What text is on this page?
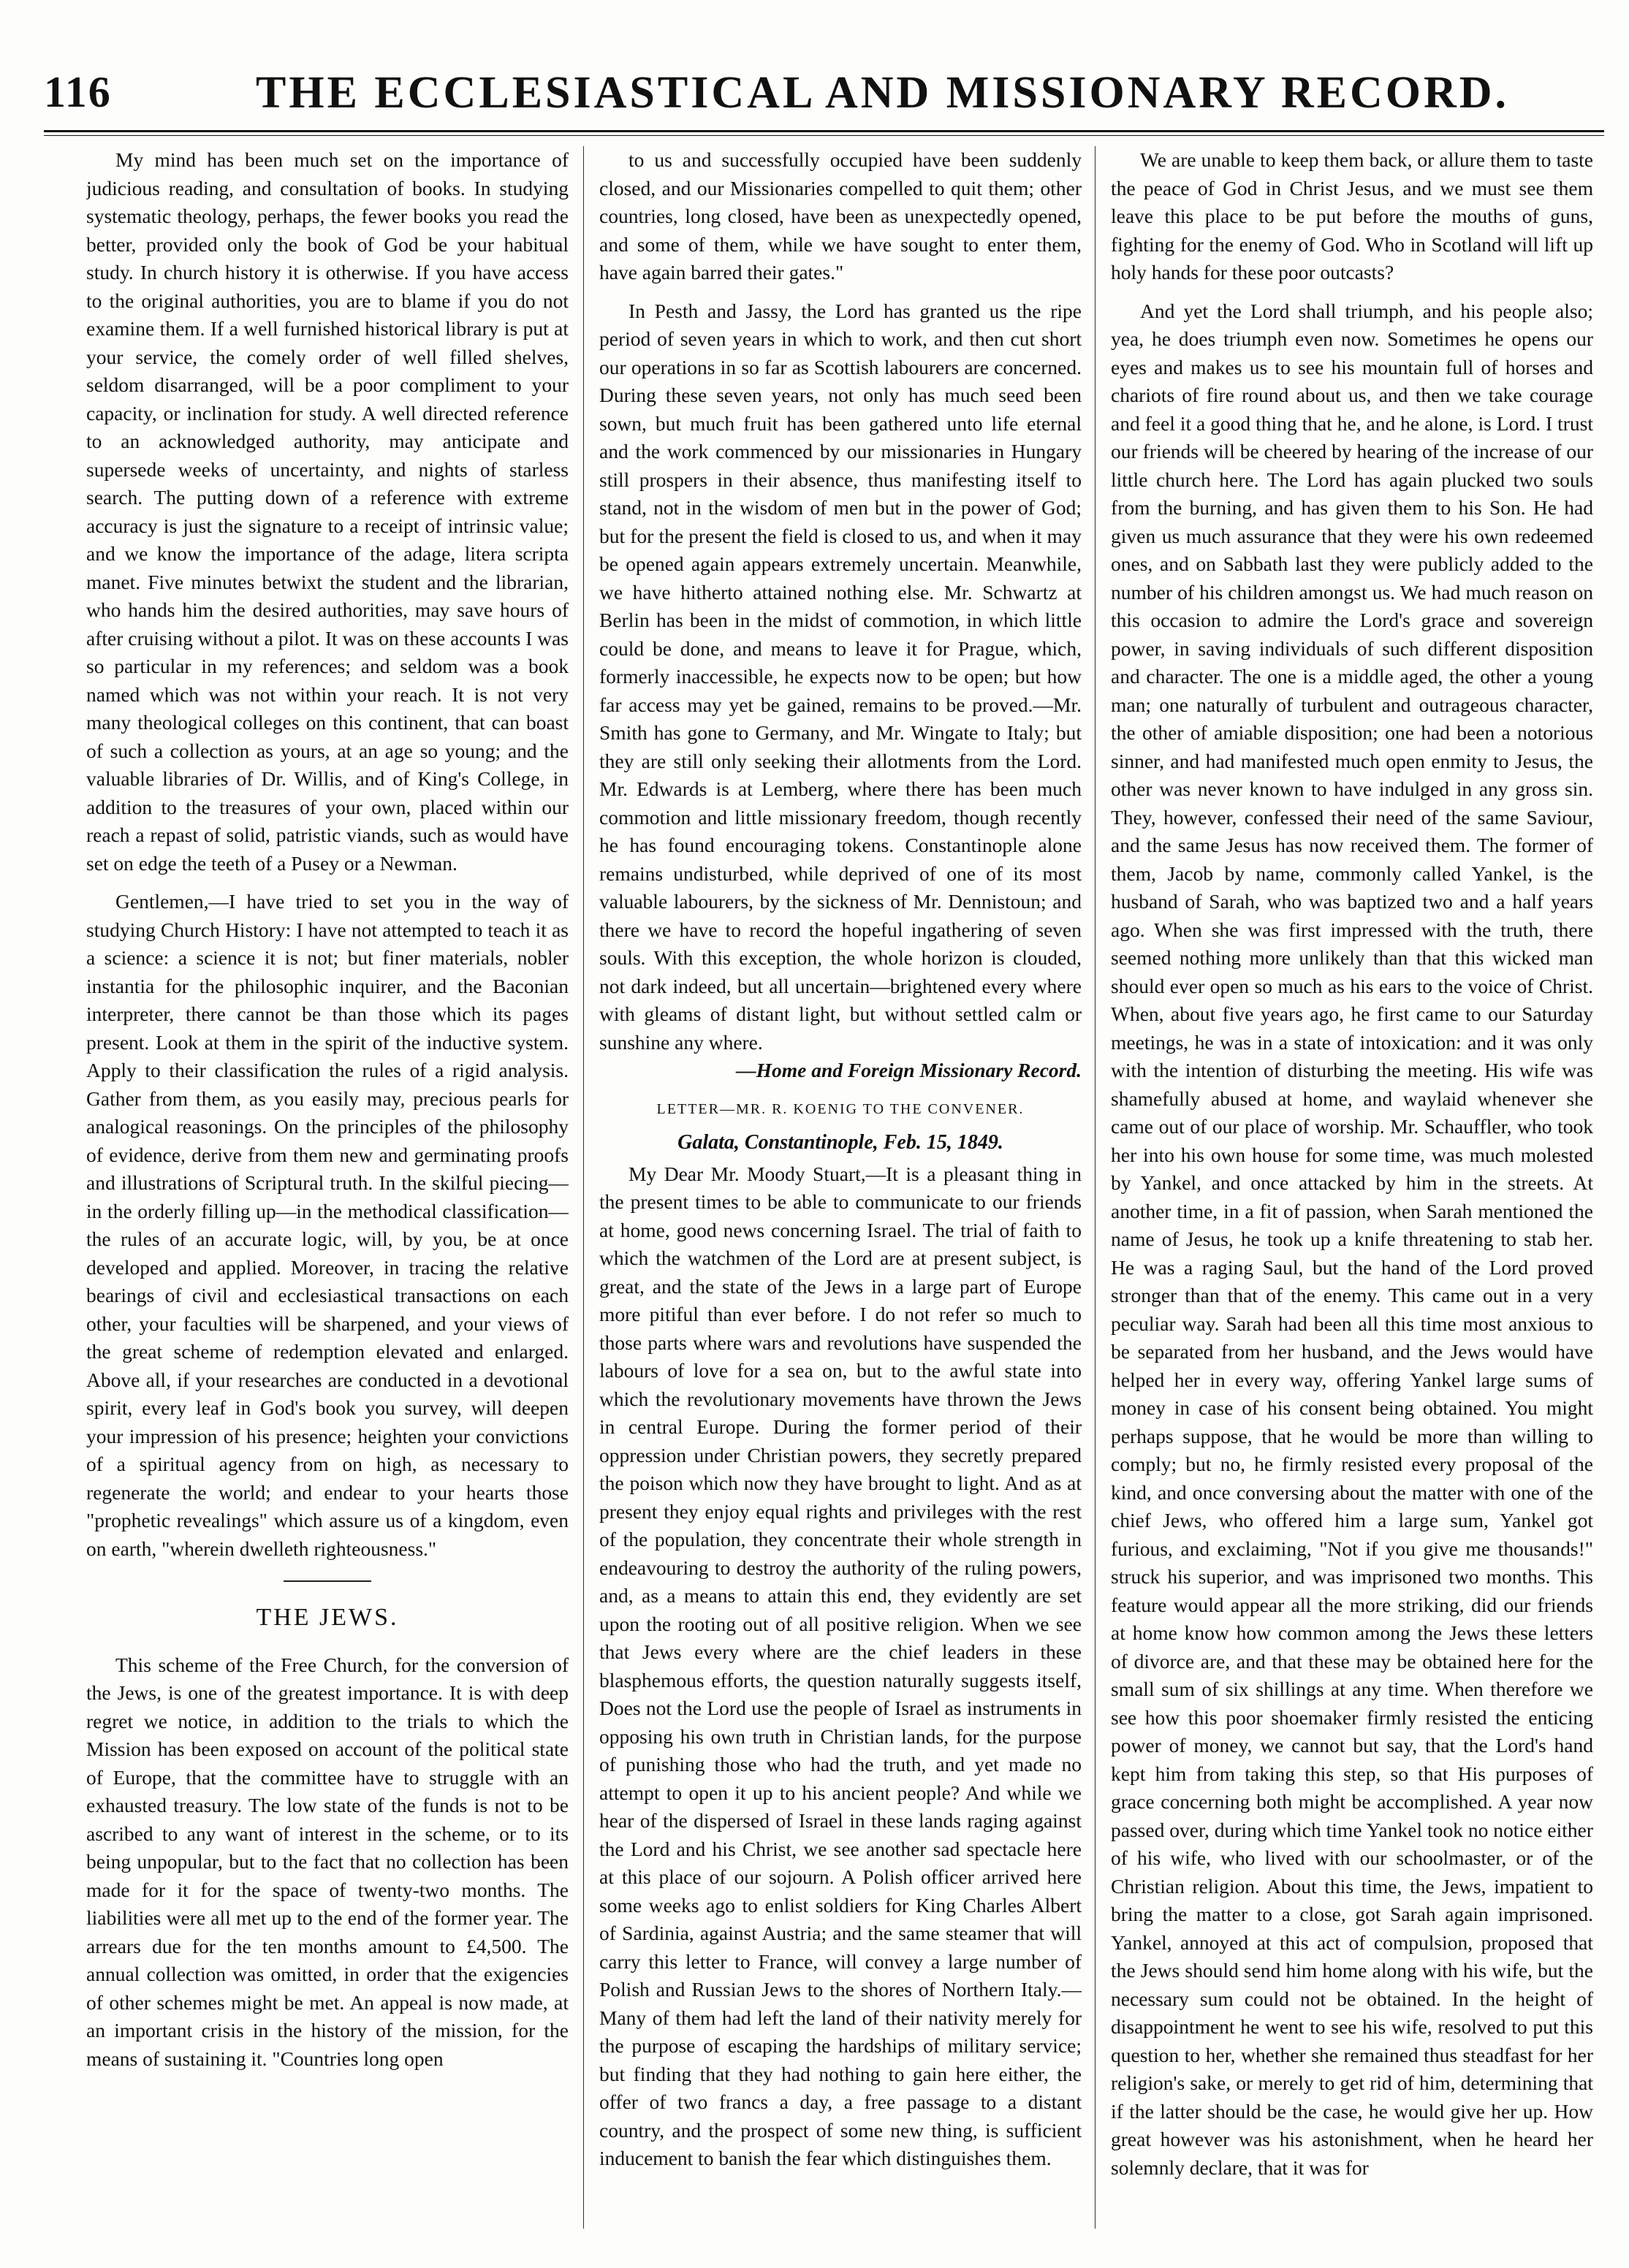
116	THE ECCLESIASTICAL AND MISSIONARY RECORD.

My mind has been much set on the importance of judicious reading, and consultation of books. In studying systematic theology, perhaps, the fewer books you read the better, provided only the book of God be your habitual study. In church history it is otherwise. If you have access to the original authorities, you are to blame if you do not examine them. If a well furnished historical library is put at your service, the comely order of well filled shelves, seldom disarranged, will be a poor compliment to your capacity, or inclination for study. A well directed reference to an acknowledged authority, may anticipate and supersede weeks of uncertainty, and nights of starless search. The putting down of a reference with extreme accuracy is just the signature to a receipt of intrinsic value; and we know the importance of the adage, litera scripta manet. Five minutes betwixt the student and the librarian, who hands him the desired authorities, may save hours of after cruising without a pilot. It was on these accounts I was so particular in my references; and seldom was a book named which was not within your reach. It is not very many theological colleges on this continent, that can boast of such a collection as yours, at an age so young; and the valuable libraries of Dr. Willis, and of King's College, in addition to the treasures of your own, placed within our reach a repast of solid, patristic viands, such as would have set on edge the teeth of a Pusey or a Newman.

Gentlemen,—I have tried to set you in the way of studying Church History: I have not attempted to teach it as a science: a science it is not; but finer materials, nobler instantia for the philosophic inquirer, and the Baconian interpreter, there cannot be than those which its pages present. Look at them in the spirit of the inductive system. Apply to their classification the rules of a rigid analysis. Gather from them, as you easily may, precious pearls for analogical reasonings. On the principles of the philosophy of evidence, derive from them new and germinating proofs and illustrations of Scriptural truth. In the skilful piecing—in the orderly filling up—in the methodical classification—the rules of an accurate logic, will, by you, be at once developed and applied. Moreover, in tracing the relative bearings of civil and ecclesiastical transactions on each other, your faculties will be sharpened, and your views of the great scheme of redemption elevated and enlarged. Above all, if your researches are conducted in a devotional spirit, every leaf in God's book you survey, will deepen your impression of his presence; heighten your convictions of a spiritual agency from on high, as necessary to regenerate the world; and endear to your hearts those "prophetic revealings" which assure us of a kingdom, even on earth, "wherein dwelleth righteousness."

THE JEWS.

This scheme of the Free Church, for the conversion of the Jews, is one of the greatest importance. It is with deep regret we notice, in addition to the trials to which the Mission has been exposed on account of the political state of Europe, that the committee have to struggle with an exhausted treasury. The low state of the funds is not to be ascribed to any want of interest in the scheme, or to its being unpopular, but to the fact that no collection has been made for it for the space of twenty-two months. The liabilities were all met up to the end of the former year. The arrears due for the ten months amount to £4,500. The annual collection was omitted, in order that the exigencies of other schemes might be met. An appeal is now made, at an important crisis in the history of the mission, for the means of sustaining it. "Countries long open

to us and successfully occupied have been suddenly closed, and our Missionaries compelled to quit them; other countries, long closed, have been as unexpectedly opened, and some of them, while we have sought to enter them, have again barred their gates."

In Pesth and Jassy, the Lord has granted us the ripe period of seven years in which to work, and then cut short our operations in so far as Scottish labourers are concerned. During these seven years, not only has much seed been sown, but much fruit has been gathered unto life eternal and the work commenced by our missionaries in Hungary still prospers in their absence, thus manifesting itself to stand, not in the wisdom of men but in the power of God; but for the present the field is closed to us, and when it may be opened again appears extremely uncertain. Meanwhile, we have hitherto attained nothing else. Mr. Schwartz at Berlin has been in the midst of commotion, in which little could be done, and means to leave it for Prague, which, formerly inaccessible, he expects now to be open; but how far access may yet be gained, remains to be proved.—Mr. Smith has gone to Germany, and Mr. Wingate to Italy; but they are still only seeking their allotments from the Lord. Mr. Edwards is at Lemberg, where there has been much commotion and little missionary freedom, though recently he has found encouraging tokens. Constantinople alone remains undisturbed, while deprived of one of its most valuable labourers, by the sickness of Mr. Dennistoun; and there we have to record the hopeful ingathering of seven souls. With this exception, the whole horizon is clouded, not dark indeed, but all uncertain—brightened every where with gleams of distant light, but without settled calm or sunshine any where.

—Home and Foreign Missionary Record.

LETTER—MR. R. KOENIG TO THE CONVENER.
Galata, Constantinople, Feb. 15, 1849.

My Dear Mr. Moody Stuart,—It is a pleasant thing in the present times to be able to communicate to our friends at home, good news concerning Israel. The trial of faith to which the watchmen of the Lord are at present subject, is great, and the state of the Jews in a large part of Europe more pitiful than ever before. I do not refer so much to those parts where wars and revolutions have suspended the labours of love for a sea on, but to the awful state into which the revolutionary movements have thrown the Jews in central Europe. During the former period of their oppression under Christian powers, they secretly prepared the poison which now they have brought to light. And as at present they enjoy equal rights and privileges with the rest of the population, they concentrate their whole strength in endeavouring to destroy the authority of the ruling powers, and, as a means to attain this end, they evidently are set upon the rooting out of all positive religion. When we see that Jews every where are the chief leaders in these blasphemous efforts, the question naturally suggests itself, Does not the Lord use the people of Israel as instruments in opposing his own truth in Christian lands, for the purpose of punishing those who had the truth, and yet made no attempt to open it up to his ancient people? And while we hear of the dispersed of Israel in these lands raging against the Lord and his Christ, we see another sad spectacle here at this place of our sojourn. A Polish officer arrived here some weeks ago to enlist soldiers for King Charles Albert of Sardinia, against Austria; and the same steamer that will carry this letter to France, will convey a large number of Polish and Russian Jews to the shores of Northern Italy.—Many of them had left the land of their nativity merely for the purpose of escaping the hardships of military service; but finding that they had nothing to gain here either, the offer of two francs a day, a free passage to a distant country, and the prospect of some new thing, is sufficient inducement to banish the fear which distinguishes them.

We are unable to keep them back, or allure them to taste the peace of God in Christ Jesus, and we must see them leave this place to be put before the mouths of guns, fighting for the enemy of God. Who in Scotland will lift up holy hands for these poor outcasts?

And yet the Lord shall triumph, and his people also; yea, he does triumph even now. Sometimes he opens our eyes and makes us to see his mountain full of horses and chariots of fire round about us, and then we take courage and feel it a good thing that he, and he alone, is Lord. I trust our friends will be cheered by hearing of the increase of our little church here. The Lord has again plucked two souls from the burning, and has given them to his Son. He had given us much assurance that they were his own redeemed ones, and on Sabbath last they were publicly added to the number of his children amongst us. We had much reason on this occasion to admire the Lord's grace and sovereign power, in saving individuals of such different disposition and character. The one is a middle aged, the other a young man; one naturally of turbulent and outrageous character, the other of amiable disposition; one had been a notorious sinner, and had manifested much open enmity to Jesus, the other was never known to have indulged in any gross sin. They, however, confessed their need of the same Saviour, and the same Jesus has now received them. The former of them, Jacob by name, commonly called Yankel, is the husband of Sarah, who was baptized two and a half years ago. When she was first impressed with the truth, there seemed nothing more unlikely than that this wicked man should ever open so much as his ears to the voice of Christ. When, about five years ago, he first came to our Saturday meetings, he was in a state of intoxication: and it was only with the intention of disturbing the meeting. His wife was shamefully abused at home, and waylaid whenever she came out of our place of worship. Mr. Schauffler, who took her into his own house for some time, was much molested by Yankel, and once attacked by him in the streets. At another time, in a fit of passion, when Sarah mentioned the name of Jesus, he took up a knife threatening to stab her. He was a raging Saul, but the hand of the Lord proved stronger than that of the enemy. This came out in a very peculiar way. Sarah had been all this time most anxious to be separated from her husband, and the Jews would have helped her in every way, offering Yankel large sums of money in case of his consent being obtained. You might perhaps suppose, that he would be more than willing to comply; but no, he firmly resisted every proposal of the kind, and once conversing about the matter with one of the chief Jews, who offered him a large sum, Yankel got furious, and exclaiming, "Not if you give me thousands!" struck his superior, and was imprisoned two months. This feature would appear all the more striking, did our friends at home know how common among the Jews these letters of divorce are, and that these may be obtained here for the small sum of six shillings at any time. When therefore we see how this poor shoemaker firmly resisted the enticing power of money, we cannot but say, that the Lord's hand kept him from taking this step, so that His purposes of grace concerning both might be accomplished. A year now passed over, during which time Yankel took no notice either of his wife, who lived with our schoolmaster, or of the Christian religion. About this time, the Jews, impatient to bring the matter to a close, got Sarah again imprisoned. Yankel, annoyed at this act of compulsion, proposed that the Jews should send him home along with his wife, but the necessary sum could not be obtained. In the height of disappointment he went to see his wife, resolved to put this question to her, whether she remained thus steadfast for her religion's sake, or merely to get rid of him, determining that if the latter should be the case, he would give her up. How great however was his astonishment, when he heard her solemnly declare, that it was for
